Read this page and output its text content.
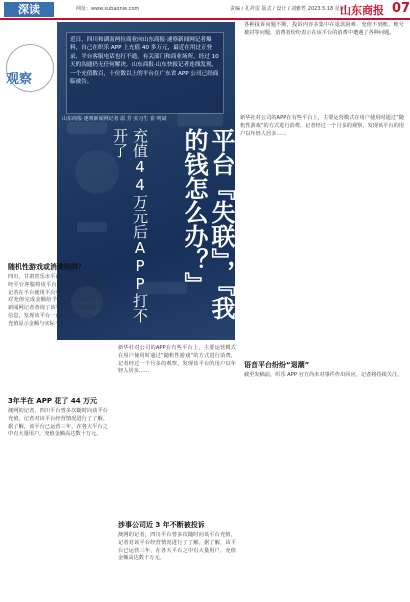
深读	网址：www.subaonie.com	责编 / 孔祥雷 版式 / 设计 / 刘雅哲 2023.5.18 星期一
山东商报 07
观察
近日，四川和湖南两位商业向山东商报·速察新闻网记者爆料，自己在织乐 APP 上充值 40 多万元，最近在用过正登录，平台客服电话也打不通，有关部门和商业场所，经过 10 天的沟通仍无任何解决。山东商报·山东快报记者连线发现，一个充值数百，十位数以上的平台在广东省 APP 公司已经面临被告。
山东商报·速观新闻网记者 温 芳 实习生 崔 明斌
平台『失联』，『我的钱怎么办？』
充值44万元后APP打不开了
各种投诉问题不断，投诉内容多集中在退款困难、充值不到账、账号被封等问题，消费者纷纷表示在该平台的消费中遭遇了各种问题。
新华社对公司的APP在有些平台上，主要运营模式在用户使用时通过“随机性游戏”的方式进行消费，记者经过一个月多的观察，发现该平台的用户以年轻人居多……
随机性游戏或消费陷阱？
四川，甘肃省乐市平台今年以来，有消费者经平台客服将该平台充值近1000万余元，记者在平台使用平台中，发现平台一直没有对充值完成金额给予客服，山东商报·速观新闻网记者查询了该平台的营业执照和相关信息，发现该平台一直存在诸多问题，平台充值显示金额与实际不符……
3年半在 APP 花了 44 万元
澳网的记者，四川平台曾多次随时向该平台充值，记者对该平台经营情况进行了了解。据了解，该平台已运营三年，在各大平台之中有大量用户，充值金额高达数十万元。
新华社对公司的APP在有些平台上，主要运营模式在用户使用时通过“随机性游戏”的方式进行消费，记者经过一个月多的观察，发现该平台的用户以年轻人居多……
涉事公司近 3 年不断被投诉
澳网的记者，四川平台曾多次随时向该平台充值，记者对该平台经营情况进行了了解。据了解，该平台已运营三年，在各大平台之中有大量用户，充值金额高达数十万元。
语音平台纷纷“退潮”
截至发稿前，织乐 APP 官方尚未对事件作出回应。记者将持续关注。
